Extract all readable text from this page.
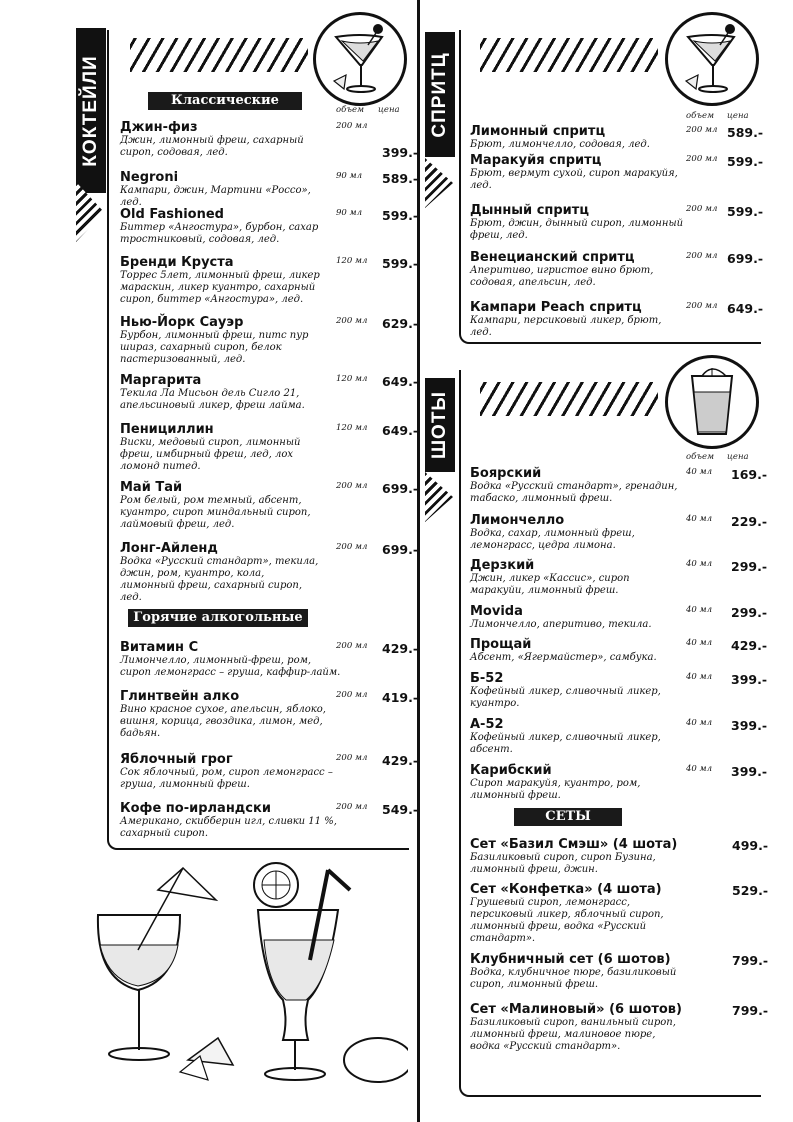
КОКТЕЙЛИ	Классические
объем цена
Джин-физ
Джин, лимонный фреш, сахарный сироп, содовая, лед.
200 мл
399.-
Negroni
Кампари, джин, Мартини «Россо», лед.
90 мл 589.-
Old Fashioned
Биттер «Ангостура», бурбон, сахар тростниковый, содовая, лед.
90 мл 599.-
Бренди Круста
Торрес 5лет, лимонный фреш, ликер мараскин, ликер куантро, сахарный сироп, биттер «Ангостура», лед.
120 мл 599.-
Нью-Йорк Сауэр
Бурбон, лимонный фреш, питс пур шираз, сахарный сироп, белок пастеризованный, лед.
200 мл 629.-
Маргарита
Текила Ла Мисьон дель Сигло 21, апельсиновый ликер, фреш лайма.
120 мл 649.-
Пенициллин
Виски, медовый сироп, лимонный фреш, имбирный фреш, лед, лох ломонд питед.
120 мл 649.-
Май Тай
Ром белый, ром темный, абсент, куантро, сироп миндальный сироп, лаймовый фреш, лед.
200 мл 699.-
Лонг-Айленд
Водка «Русский стандарт», текила, джин, ром, куантро, кола, лимонный фреш, сахарный сироп, лед.
200 мл 699.-
Горячие алкогольные
Витамин С
Лимончелло, лимонный-фреш, ром, сироп лемонграсс – груша, каффир-лайм.
200 мл 429.-
Глинтвейн алко
Вино красное сухое, апельсин, яблоко, вишня, корица, гвоздика, лимон, мед, бадьян.
200 мл 419.-
Яблочный грог
Сок яблочный, ром, сироп лемонграсс – груша, лимонный фреш.
200 мл 429.-
Кофе по-ирландски
Американо, скибберин игл, сливки 11 %, сахарный сироп.
200 мл 549.-
СПРИТЦ	объем цена
Лимонный спритц
Брют, лимончелло, содовая, лед.
200 мл 589.-
Маракуйя спритц
Брют, вермут сухой, сироп маракуйя, лед.
200 мл 599.-
Дынный спритц
Брют, джин, дынный сироп, лимонный фреш, лед.
200 мл 599.-
Венецианский спритц
Аперитиво, игристое вино брют, содовая, апельсин, лед.
200 мл 699.-
Кампари Peach спритц
Кампари, персиковый ликер, брют, лед.
200 мл 649.-
ШОТЫ	объем цена
Боярский
Водка «Русский стандарт», гренадин, табаско, лимонный фреш.
40 мл 169.-
Лимончелло
Водка, сахар, лимонный фреш, лемонграсс, цедра лимона.
40 мл 229.-
Дерзкий
Джин, ликер «Кассис», сироп маракуйи, лимонный фреш.
40 мл 299.-
Movida
Лимончелло, аперитиво, текила.
40 мл 299.-
Прощай
Абсент, «Ягермайстер», самбука.
40 мл 429.-
Б-52
Кофейный ликер, сливочный ликер, куантро.
40 мл 399.-
А-52
Кофейный ликер, сливочный ликер, абсент.
40 мл 399.-
Карибский
Сироп маракуйя, куантро, ром, лимонный фреш.
40 мл 399.-
СЕТЫ
Сет «Базил Смэш» (4 шота)
Базиликовый сироп, сироп Бузина, лимонный фреш, джин.
499.-
Сет «Конфетка» (4 шота)
Грушевый сироп, лемонграсс, персиковый ликер, яблочный сироп, лимонный фреш, водка «Русский стандарт».
529.-
Клубничный сет (6 шотов)
Водка, клубничное пюре, базиликовый сироп, лимонный фреш.
799.-
Сет «Малиновый» (6 шотов)
Базиликовый сироп, ванильный сироп, лимонный фреш, малиновое пюре, водка «Русский стандарт».
799.-
